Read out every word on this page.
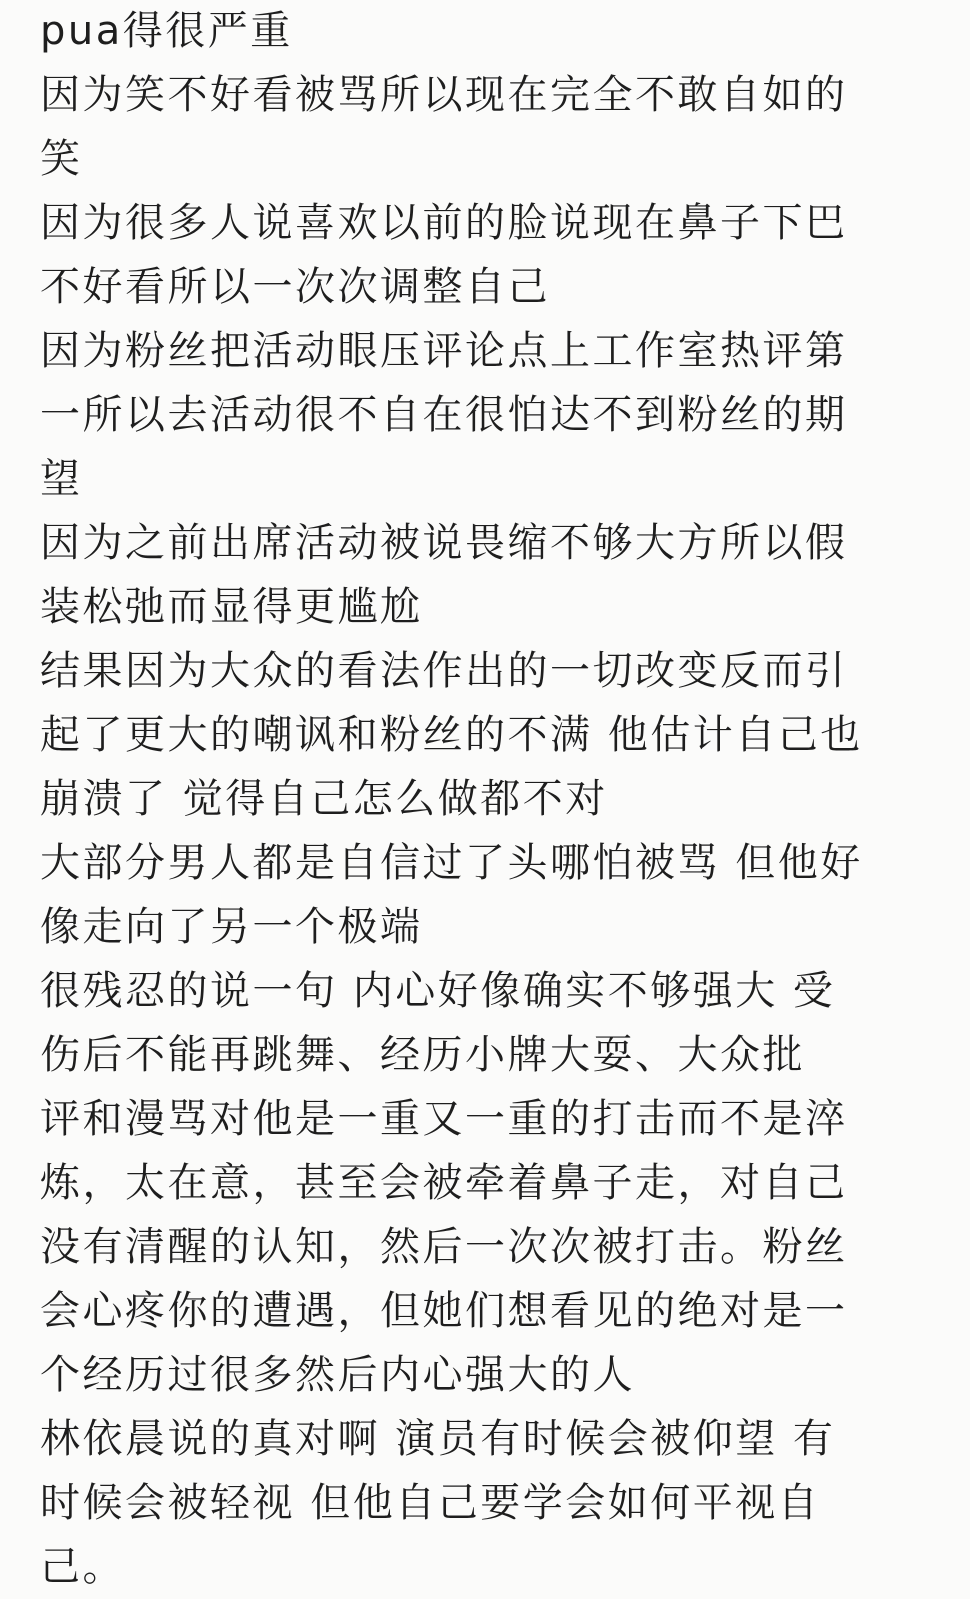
pua得很严重
因为笑不好看被骂所以现在完全不敢自如的
笑
因为很多人说喜欢以前的脸说现在鼻子下巴
不好看所以一次次调整自己
因为粉丝把活动眼压评论点上工作室热评第
一所以去活动很不自在很怕达不到粉丝的期
望
因为之前出席活动被说畏缩不够大方所以假
装松弛而显得更尴尬
结果因为大众的看法作出的一切改变反而引
起了更大的嘲讽和粉丝的不满 他估计自己也
崩溃了 觉得自己怎么做都不对
大部分男人都是自信过了头哪怕被骂 但他好
像走向了另一个极端
很残忍的说一句 内心好像确实不够强大 受
伤后不能再跳舞、经历小牌大耍、大众批
评和漫骂对他是一重又一重的打击而不是淬
炼，太在意，甚至会被牵着鼻子走，对自己
没有清醒的认知，然后一次次被打击。粉丝
会心疼你的遭遇，但她们想看见的绝对是一
个经历过很多然后内心强大的人
林依晨说的真对啊 演员有时候会被仰望 有
时候会被轻视 但他自己要学会如何平视自
己。
